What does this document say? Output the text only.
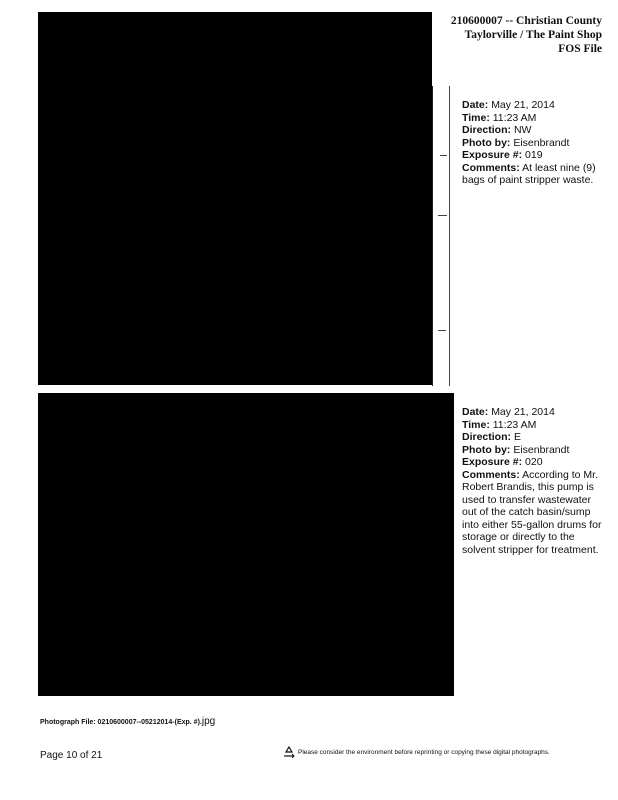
210600007 -- Christian County
Taylorville / The Paint Shop
FOS File
Date: May 21, 2014
Time: 11:23 AM
Direction: NW
Photo by: Eisenbrandt
Exposure #: 019
Comments: At least nine (9) bags of paint stripper waste.
Date: May 21, 2014
Time: 11:23 AM
Direction: E
Photo by: Eisenbrandt
Exposure #: 020
Comments: According to Mr. Robert Brandis, this pump is used to transfer wastewater out of the catch basin/sump into either 55-gallon drums for storage or directly to the solvent stripper for treatment.
Photograph File: 0210600007--05212014-(Exp. #).jpg
Page 10 of 21	Please consider the environment before reprinting or copying these digital photographs.
